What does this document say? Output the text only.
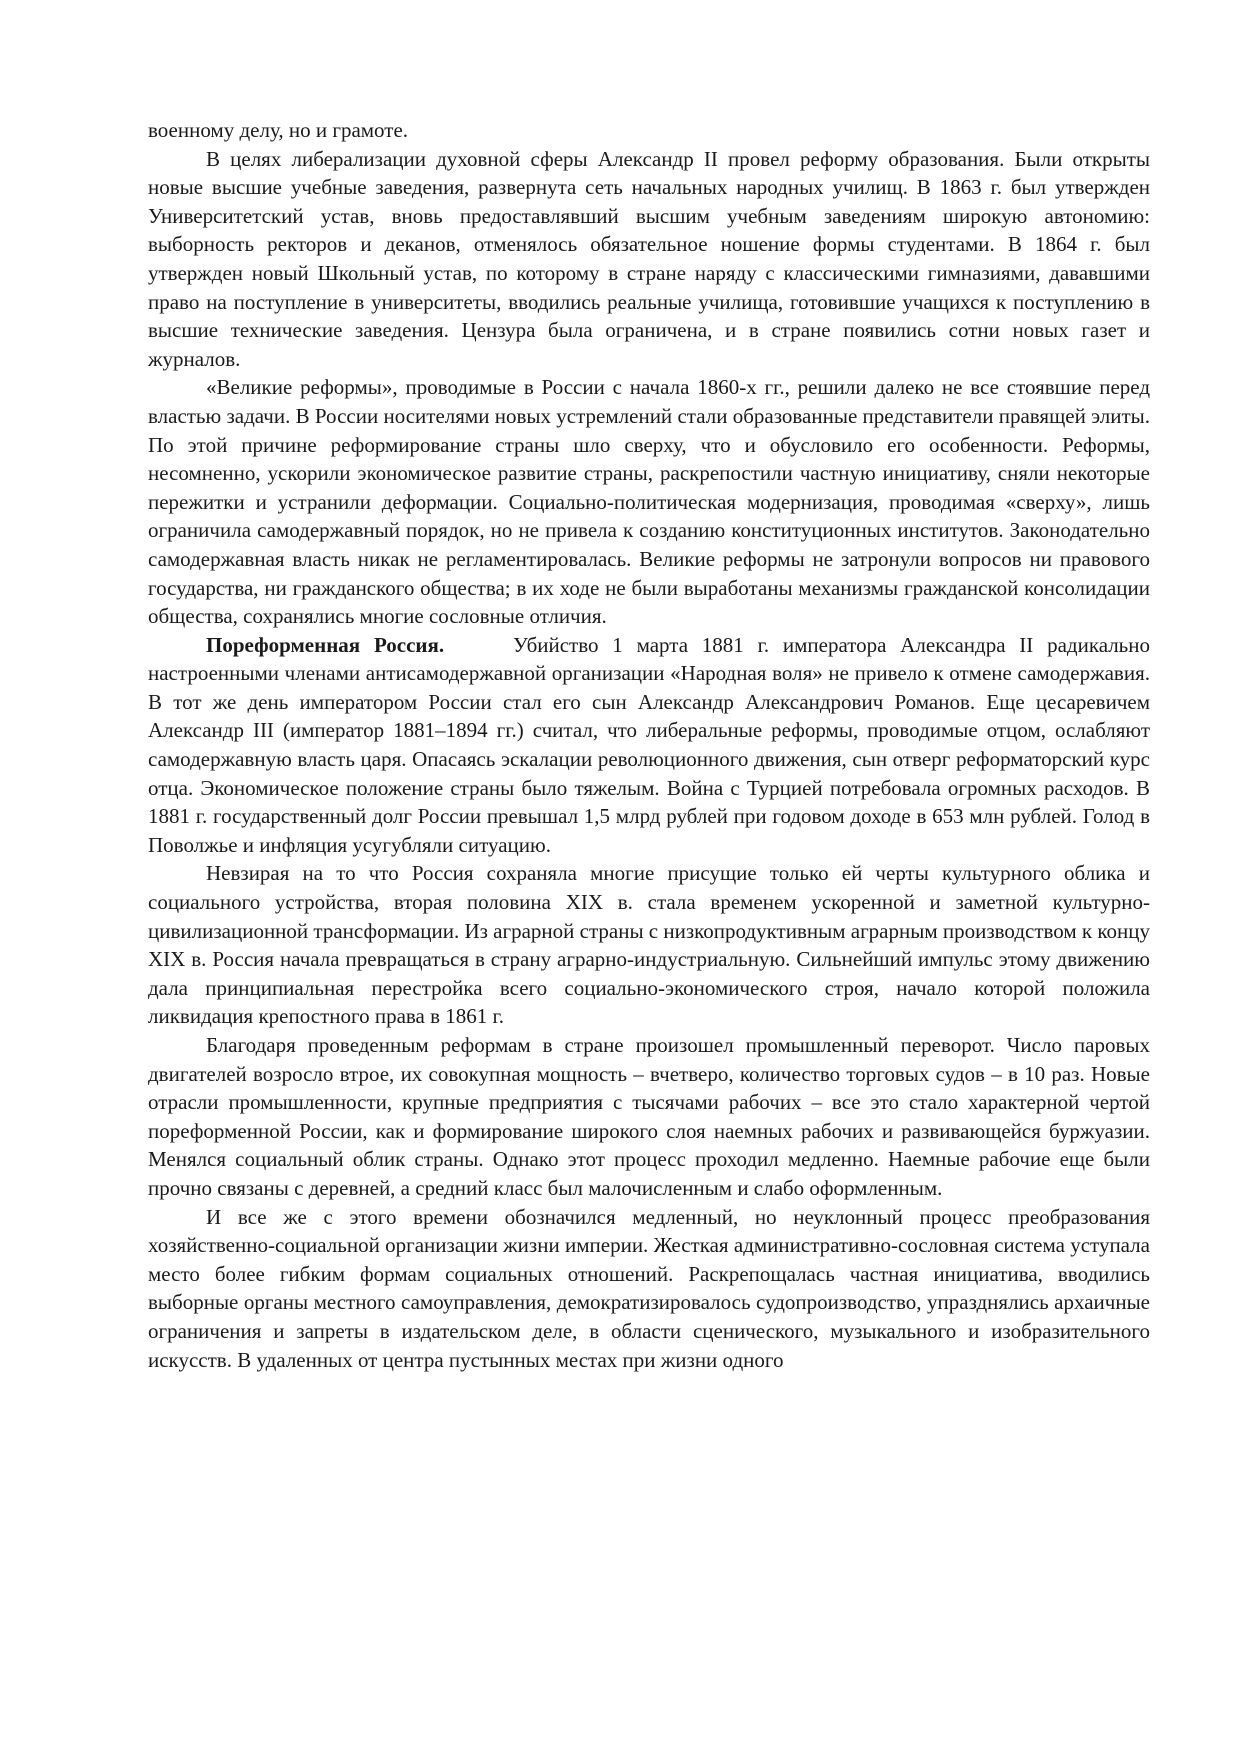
военному делу, но и грамоте.

В целях либерализации духовной сферы Александр II провел реформу образования. Были открыты новые высшие учебные заведения, развернута сеть начальных народных училищ. В 1863 г. был утвержден Университетский устав, вновь предоставлявший высшим учебным заведениям широкую автономию: выборность ректоров и деканов, отменялось обязательное ношение формы студентами. В 1864 г. был утвержден новый Школьный устав, по которому в стране наряду с классическими гимназиями, дававшими право на поступление в университеты, вводились реальные училища, готовившие учащихся к поступлению в высшие технические заведения. Цензура была ограничена, и в стране появились сотни новых газет и журналов.

«Великие реформы», проводимые в России с начала 1860-х гг., решили далеко не все стоявшие перед властью задачи. В России носителями новых устремлений стали образованные представители правящей элиты. По этой причине реформирование страны шло сверху, что и обусловило его особенности. Реформы, несомненно, ускорили экономическое развитие страны, раскрепостили частную инициативу, сняли некоторые пережитки и устранили деформации. Социально-политическая модернизация, проводимая «сверху», лишь ограничила самодержавный порядок, но не привела к созданию конституционных институтов. Законодательно самодержавная власть никак не регламентировалась. Великие реформы не затронули вопросов ни правового государства, ни гражданского общества; в их ходе не были выработаны механизмы гражданской консолидации общества, сохранялись многие сословные отличия.

Пореформенная Россия.	Убийство 1 марта 1881 г. императора Александра II радикально настроенными членами антисамодержавной организации «Народная воля» не привело к отмене самодержавия. В тот же день императором России стал его сын Александр Александрович Романов. Еще цесаревичем Александр III (император 1881–1894 гг.) считал, что либеральные реформы, проводимые отцом, ослабляют самодержавную власть царя. Опасаясь эскалации революционного движения, сын отверг реформаторский курс отца. Экономическое положение страны было тяжелым. Война с Турцией потребовала огромных расходов. В 1881 г. государственный долг России превышал 1,5 млрд рублей при годовом доходе в 653 млн рублей. Голод в Поволжье и инфляция усугубляли ситуацию.

Невзирая на то что Россия сохраняла многие присущие только ей черты культурного облика и социального устройства, вторая половина XIX в. стала временем ускоренной и заметной культурно-цивилизационной трансформации. Из аграрной страны с низкопродуктивным аграрным производством к концу XIX в. Россия начала превращаться в страну аграрно-индустриальную. Сильнейший импульс этому движению дала принципиальная перестройка всего социально-экономического строя, начало которой положила ликвидация крепостного права в 1861 г.

Благодаря проведенным реформам в стране произошел промышленный переворот. Число паровых двигателей возросло втрое, их совокупная мощность – вчетверо, количество торговых судов – в 10 раз. Новые отрасли промышленности, крупные предприятия с тысячами рабочих – все это стало характерной чертой пореформенной России, как и формирование широкого слоя наемных рабочих и развивающейся буржуазии. Менялся социальный облик страны. Однако этот процесс проходил медленно. Наемные рабочие еще были прочно связаны с деревней, а средний класс был малочисленным и слабо оформленным.

И все же с этого времени обозначился медленный, но неуклонный процесс преобразования хозяйственно-социальной организации жизни империи. Жесткая административно-сословная система уступала место более гибким формам социальных отношений. Раскрепощалась частная инициатива, вводились выборные органы местного самоуправления, демократизировалось судопроизводство, упразднялись архаичные ограничения и запреты в издательском деле, в области сценического, музыкального и изобразительного искусств. В удаленных от центра пустынных местах при жизни одного
